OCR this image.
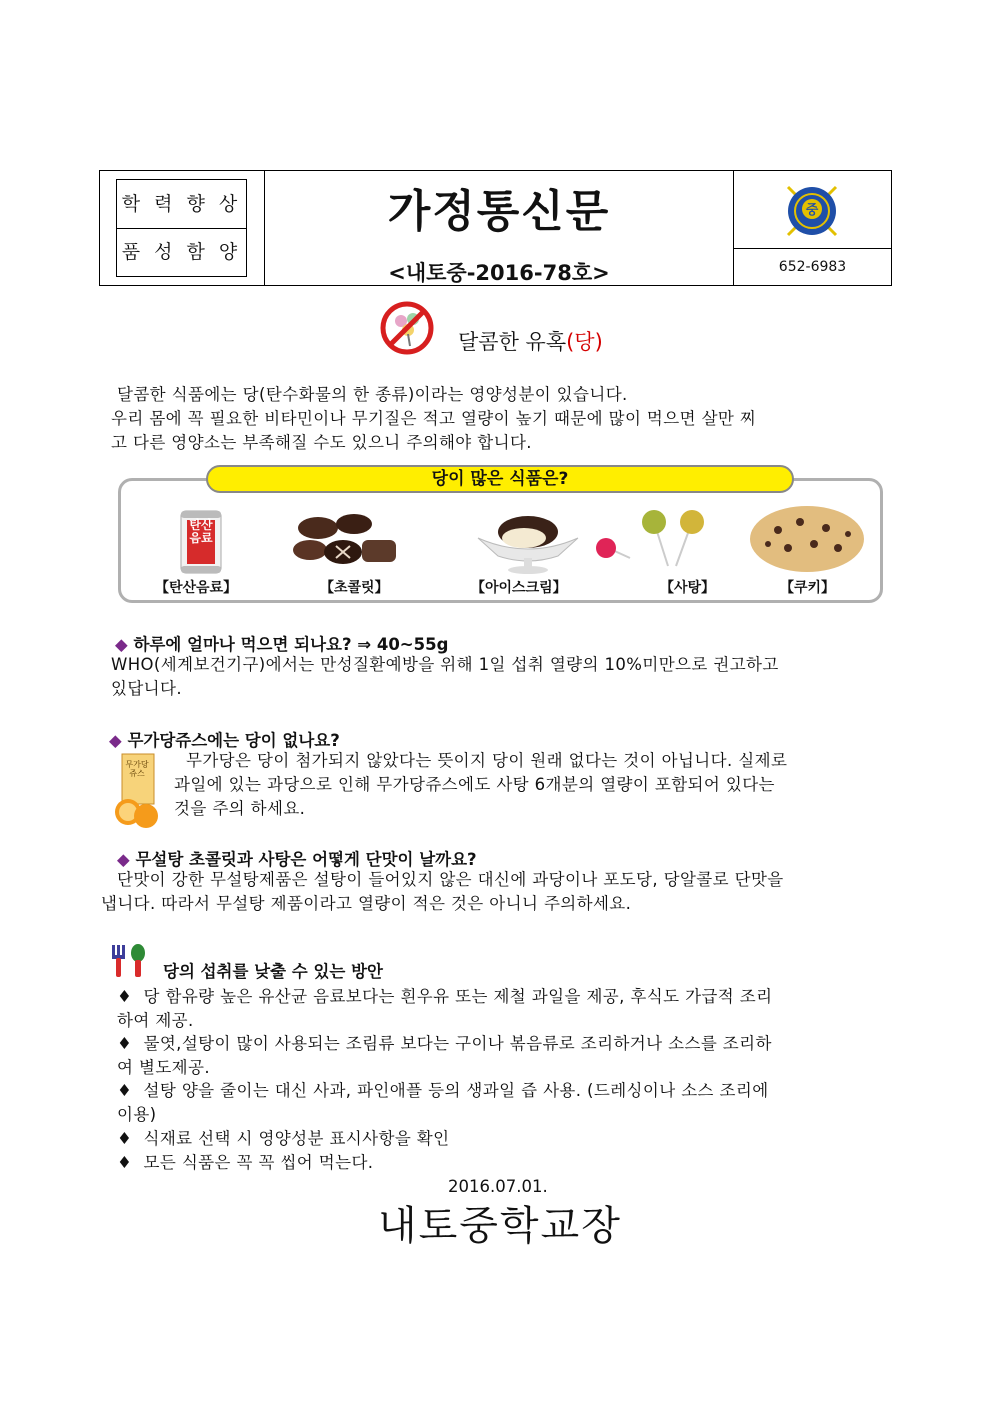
학 력 향 상
품 성 함 양
가정통신문
<내토중-2016-78호>
중
652-6983
달콤한 유혹(당)
달콤한 식품에는 당(탄수화물의 한 종류)이라는 영양성분이 있습니다.
우리 몸에 꼭 필요한 비타민이나 무기질은 적고 열량이 높기 때문에 많이 먹으면 살만 찌
고 다른 영양소는 부족해질 수도 있으니 주의해야 합니다.
당이 많은 식품은?
탄산음료
【탄산음료】	【초콜릿】	【아이스크림】	【사탕】	【쿠키】
◆ 하루에 얼마나 먹으면 되나요? ⇒ 40~55g
WHO(세계보건기구)에서는 만성질환예방을 위해 1일 섭취 열량의 10%미만으로 권고하고
있답니다.
◆ 무가당쥬스에는 당이 없나요?
무가당 쥬스
무가당은 당이 첨가되지 않았다는 뜻이지 당이 원래 없다는 것이 아닙니다. 실제로
과일에 있는 과당으로 인해 무가당쥬스에도 사탕 6개분의 열량이 포함되어 있다는
것을 주의 하세요.
◆ 무설탕 초콜릿과 사탕은 어떻게 단맛이 날까요?
단맛이 강한 무설탕제품은 설탕이 들어있지 않은 대신에 과당이나 포도당, 당알콜로 단맛을
냅니다. 따라서 무설탕 제품이라고 열량이 적은 것은 아니니 주의하세요.
당의 섭취를 낮출 수 있는 방안
♦ 당 함유량 높은 유산균 음료보다는 흰우유 또는 제철 과일을 제공, 후식도 가급적 조리
하여 제공.
♦ 물엿,설탕이 많이 사용되는 조림류 보다는 구이나 볶음류로 조리하거나 소스를 조리하
여 별도제공.
♦ 설탕 양을 줄이는 대신 사과, 파인애플 등의 생과일 즙 사용. (드레싱이나 소스 조리에
이용)
♦ 식재료 선택 시 영양성분 표시사항을 확인
♦ 모든 식품은 꼭 꼭 씹어 먹는다.
2016.07.01.
내토중학교장
